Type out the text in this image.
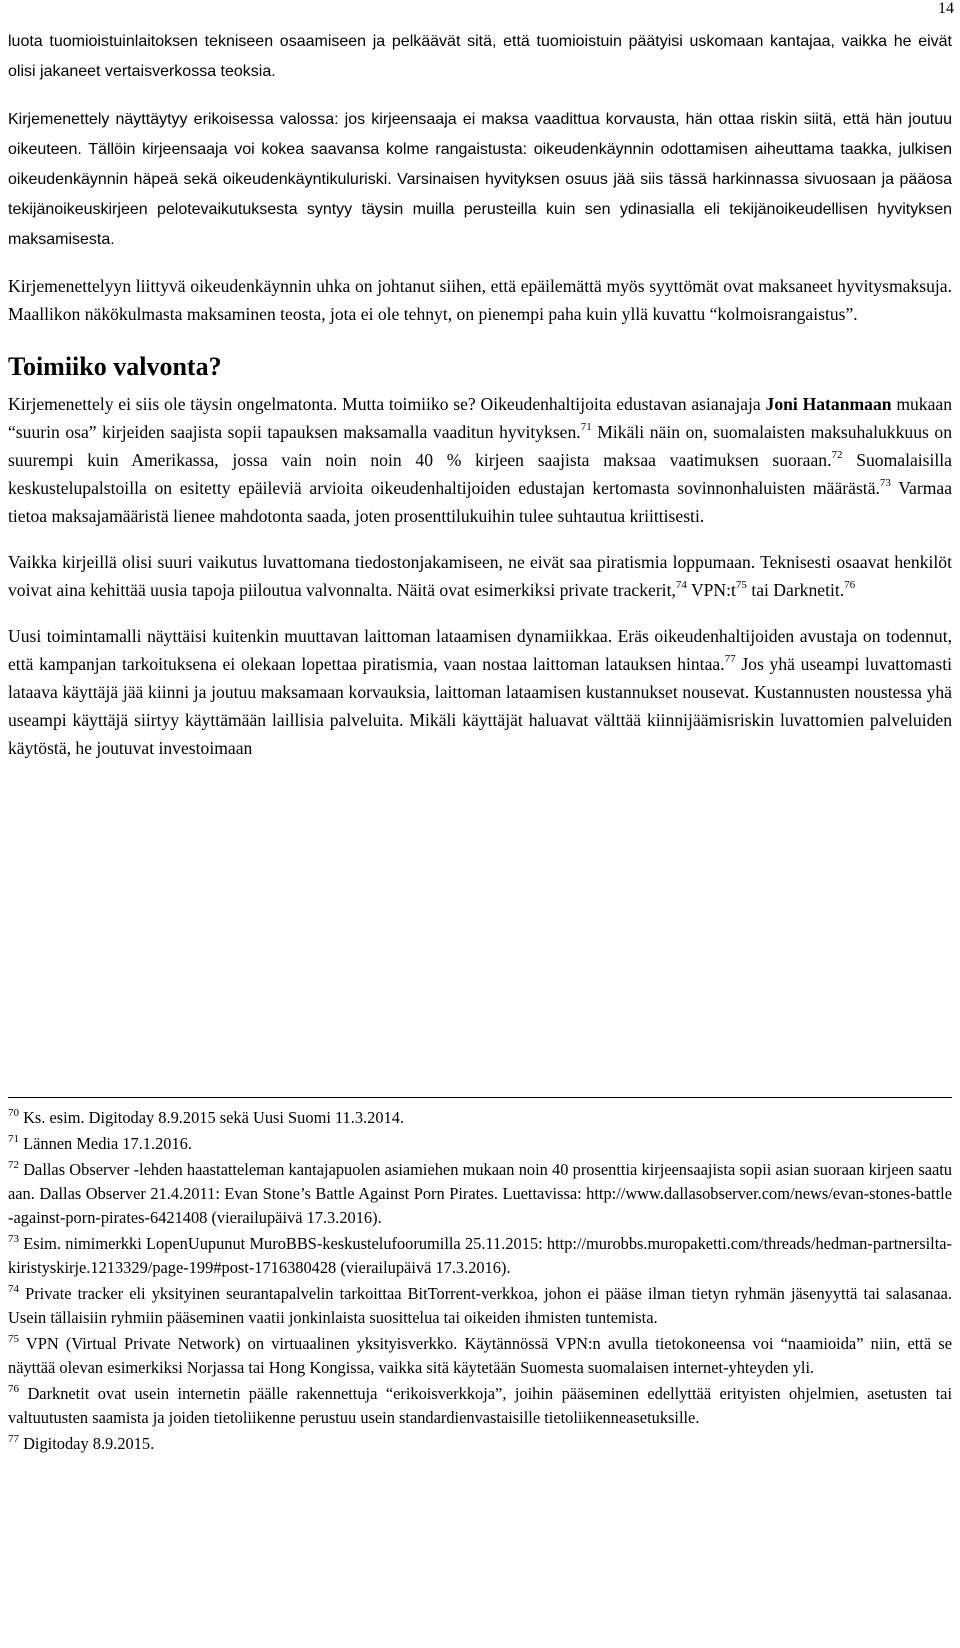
14

luota tuomioistuinlaitoksen tekniseen osaamiseen ja pelkäävät sitä, että tuomioistuin päätyisi uskomaan kantajaa, vaikka he eivät olisi jakaneet vertaisverkossa teoksia.

Kirjemenettely näyttäytyy erikoisessa valossa: jos kirjeensaaja ei maksa vaadittua korvausta, hän ottaa riskin siitä, että hän joutuu oikeuteen. Tällöin kirjeensaaja voi kokea saavansa kolme rangaistusta: oikeudenkäynnin odottamisen aiheuttama taakka, julkisen oikeudenkäynnin häpeä sekä oikeudenkäyntikuluriski. Varsinaisen hyvityksen osuus jää siis tässä harkinnassa sivuosaan ja pääosa tekijänoikeuskirjeen pelotevaikutuksesta syntyy täysin muilla perusteilla kuin sen ydinasialla eli tekijänoikeudellisen hyvityksen maksamisesta.

Kirjemenettelyyn liittyvä oikeudenkäynnin uhka on johtanut siihen, että epäilemättä myös syyttömät ovat maksaneet hyvitysmaksuja. Maallikon näkökulmasta maksaminen teosta, jota ei ole tehnyt, on pienempi paha kuin yllä kuvattu “kolmoisrangaistus”.

Toimiiko valvonta?

Kirjemenettely ei siis ole täysin ongelmatonta. Mutta toimiiko se? Oikeudenhaltijoita edustavan asianajaja Joni Hatanmaan mukaan “suurin osa” kirjeiden saajista sopii tapauksen maksamalla vaaditun hyvityksen.$^{71}$ Mikäli näin on, suomalaisten maksuhalukkuus on suurempi kuin Amerikassa, jossa vain noin noin 40 % kirjeen saajista maksaa vaatimuksen suoraan.$^{72}$ Suomalaisilla keskustelupalstoilla on esitetty epäileviä arvioita oikeudenhaltijoiden edustajan kertomasta sovinnonhaluisten määrästä.$^{73}$ Varmaa tietoa maksajamääristä lienee mahdotonta saada, joten prosenttilukuihin tulee suhtautua kriittisesti.

Vaikka kirjeillä olisi suuri vaikutus luvattomana tiedostonjakamiseen, ne eivät saa piratismia loppumaan. Teknisesti osaavat henkilöt voivat aina kehittää uusia tapoja piiloutua valvonnalta. Näitä ovat esimerkiksi private trackerit,$^{74}$ $VPN:t^{75}$ tai Darknetit.$^{76}$

Uusi toimintamalli näyttäisi kuitenkin muuttavan laittoman lataamisen dynamiikkaa. Eräs oikeudenhaltijoiden avustaja on todennut, että kampanjan tarkoituksena ei olekaan lopettaa piratismia, vaan nostaa laittoman latauksen hintaa.$^{77}$ Jos yhä useampi luvattomasti lataava käyttäjä jää kiinni ja joutuu maksamaan korvauksia, laittoman lataamisen kustannukset nousevat. Kustannusten noustessa yhä useampi käyttäjä siirtyy käyttämään laillisia palveluita. Mikäli käyttäjät haluavat välttää kiinnijäämisriskin luvattomien palveluiden käytöstä, he joutuvat investoimaan

$^{70}$ Ks. esim. Digitoday 8.9.2015 sekä Uusi Suomi 11.3.2014.

$^{71}$ Lännen Media 17.1.2016.

$^{72}$ Dallas Observer -lehden haastatteleman kantajapuolen asiamiehen mukaan noin 40 prosenttia kirjeensaajista sopii asian suoraan kirjeen saatuaan. Dallas Observer 21.4.2011: Evan Stone’s Battle Against Porn Pirates. Luettavissa: http://www.dallasobserver.com/news/evan-stones-battle-against-porn-pirates-6421408 (vierailupäivä 17.3.2016).

$^{73}$ Esim. nimimerkki LopenUupunut MuroBBS-keskustelufoorumilla 25.11.2015: http://murobbs.muropaketti.com/threads/hedman-partnersilta-kiristyskirje.1213329/page-199#post-1716380428 (vierailupäivä 17.3.2016).

$^{74}$ Private tracker eli yksityinen seurantapalvelin tarkoittaa BitTorrent-verkkoa, johon ei pääse ilman tietyn ryhmän jäsenyyttä tai salasanaa. Usein tällaisiin ryhmiin pääseminen vaatii jonkinlaista suosittelua tai oikeiden ihmisten tuntemista.

$^{75}$ VPN (Virtual Private Network) on virtuaalinen yksityisverkko. Käytännössä VPN:n avulla tietokoneensa voi “naamioida” niin, että se näyttää olevan esimerkiksi Norjassa tai Hong Kongissa, vaikka sitä käytetään Suomesta suomalaisen internet-yhteyden yli.

$^{76}$ Darknetit ovat usein internetin päälle rakennettuja “erikoisverkkoja”, joihin pääseminen edellyttää erityisten ohjelmien, asetusten tai valtuutusten saamista ja joiden tietoliikenne perustuu usein standardienvastaisille tietoliikenneasetuksille.

$^{77}$ Digitoday 8.9.2015.
